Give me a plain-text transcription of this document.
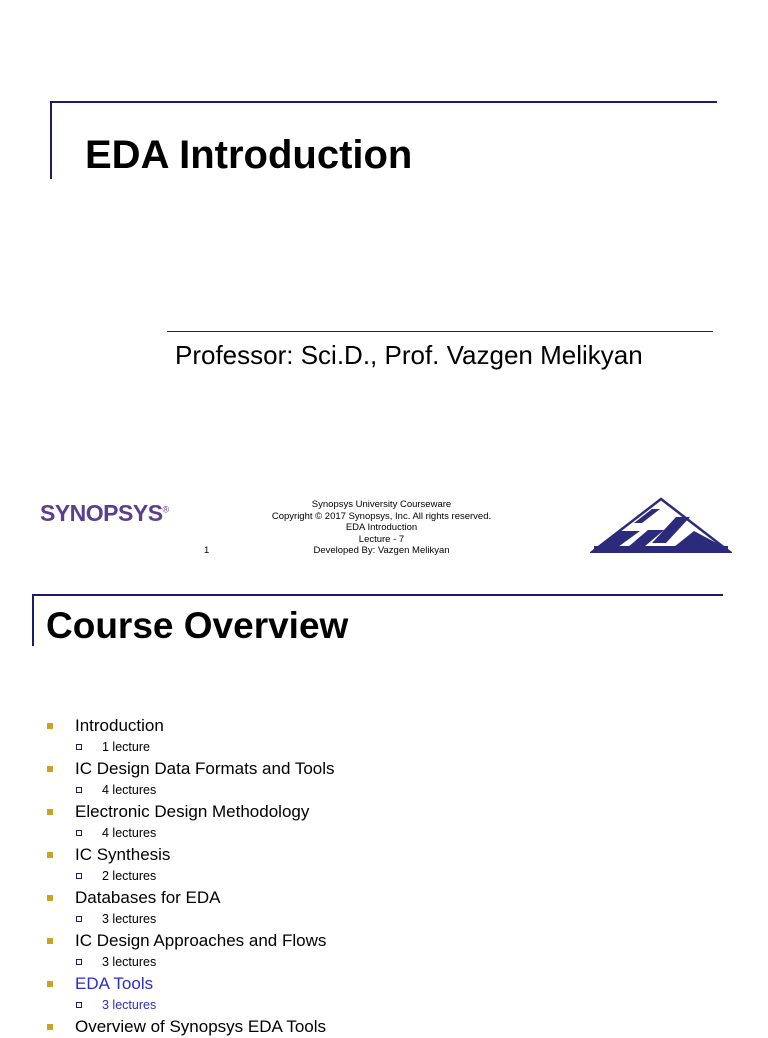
EDA Introduction

Professor: Sci.D., Prof. Vazgen Melikyan

SYNOPSYS®	Synopsys University Courseware
Copyright © 2017 Synopsys, Inc. All rights reserved.
EDA Introduction
Lecture - 7
Developed By: Vazgen Melikyan
1
Course Overview
Introduction
1 lecture
IC Design Data Formats and Tools
4 lectures
Electronic Design Methodology
4 lectures
IC Synthesis
2 lectures
Databases for EDA
3 lectures
IC Design Approaches and Flows
3 lectures
EDA Tools
3 lectures
Overview of Synopsys EDA Tools
